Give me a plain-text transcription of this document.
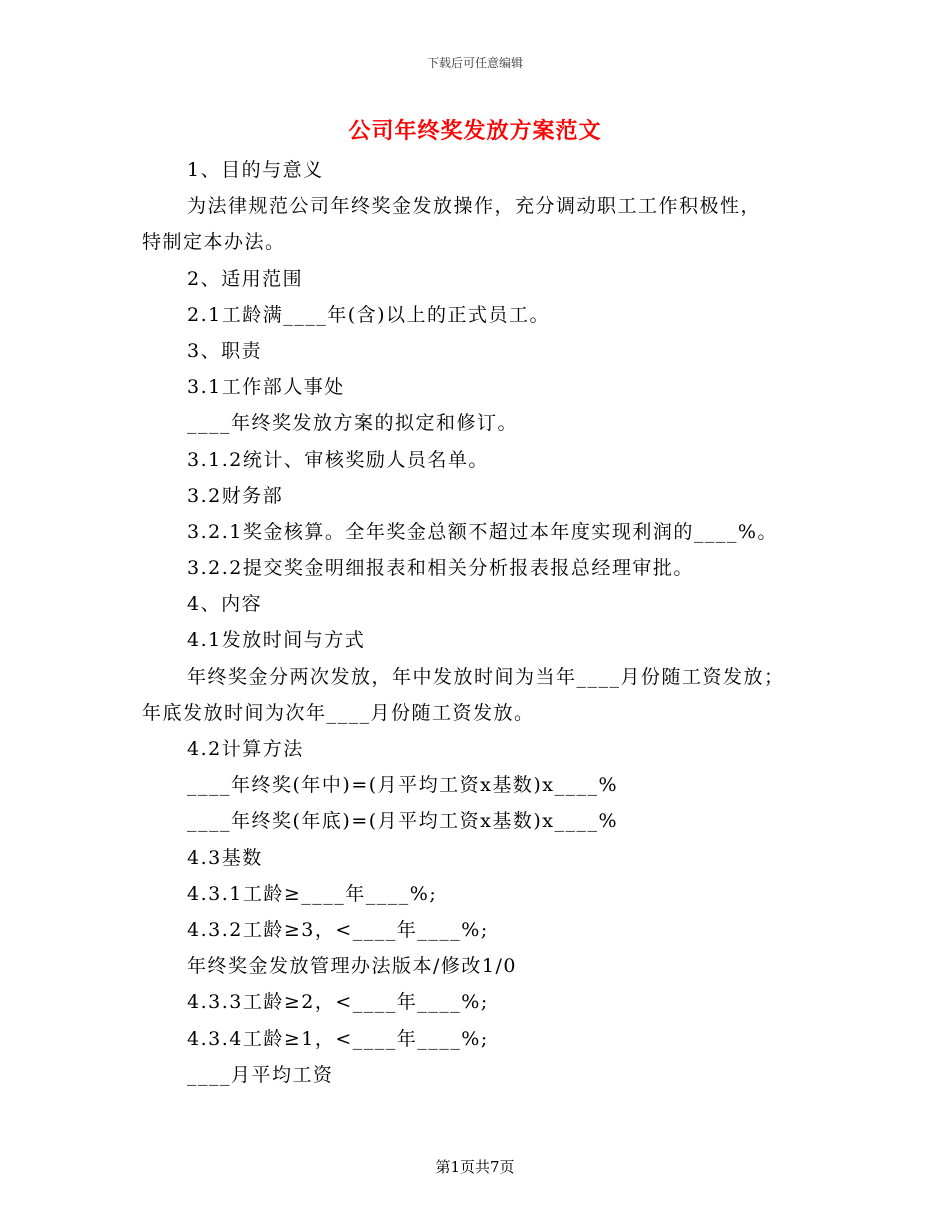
下载后可任意编辑
公司年终奖发放方案范文
1、目的与意义
为法律规范公司年终奖金发放操作，充分调动职工工作积极性，
特制定本办法。
2、适用范围
2.1工龄满____年(含)以上的正式员工。
3、职责
3.1工作部人事处
____年终奖发放方案的拟定和修订。
3.1.2统计、审核奖励人员名单。
3.2财务部
3.2.1奖金核算。全年奖金总额不超过本年度实现利润的____%。
3.2.2提交奖金明细报表和相关分析报表报总经理审批。
4、内容
4.1发放时间与方式
年终奖金分两次发放，年中发放时间为当年____月份随工资发放；
年底发放时间为次年____月份随工资发放。
4.2计算方法
____年终奖(年中)=(月平均工资x基数)x____%
____年终奖(年底)=(月平均工资x基数)x____%
4.3基数
4.3.1工龄≥____年____%;
4.3.2工龄≥3，<____年____%;
年终奖金发放管理办法版本/修改1/0
4.3.3工龄≥2，<____年____%;
4.3.4工龄≥1，<____年____%;
____月平均工资
第1页共7页
